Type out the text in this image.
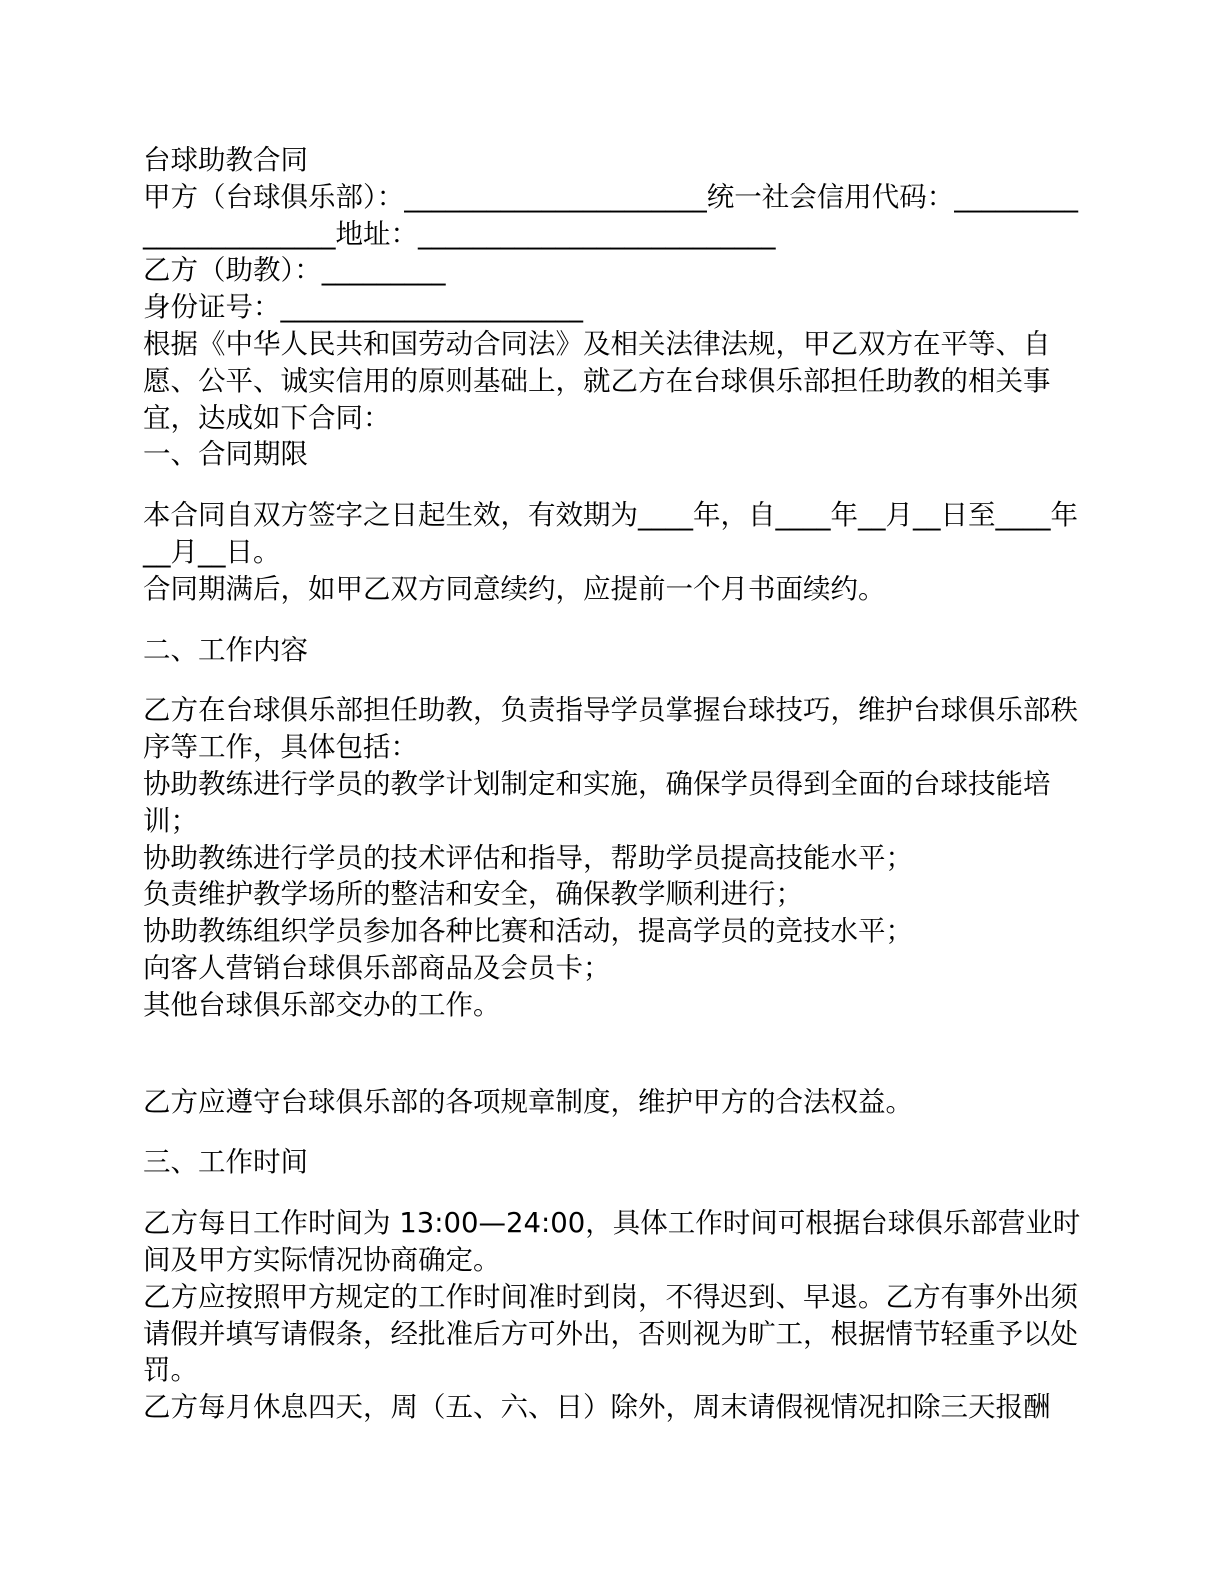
台球助教合同
甲方（台球俱乐部）：______________________统一社会信用代码：_________
______________地址：__________________________
乙方（助教）：_________
身份证号：______________________

根据《中华人民共和国劳动合同法》及相关法律法规，甲乙双方在平等、自愿、公平、诚实信用的原则基础上，就乙方在台球俱乐部担任助教的相关事宜，达成如下合同：

一、合同期限

本合同自双方签字之日起生效，有效期为____年，自____年__月__日至____年__月__日。

合同期满后，如甲乙双方同意续约，应提前一个月书面续约。

二、工作内容

乙方在台球俱乐部担任助教，负责指导学员掌握台球技巧，维护台球俱乐部秩序等工作，具体包括：

协助教练进行学员的教学计划制定和实施，确保学员得到全面的台球技能培训；

协助教练进行学员的技术评估和指导，帮助学员提高技能水平；

负责维护教学场所的整洁和安全，确保教学顺利进行；

协助教练组织学员参加各种比赛和活动，提高学员的竞技水平；

向客人营销台球俱乐部商品及会员卡；

其他台球俱乐部交办的工作。

乙方应遵守台球俱乐部的各项规章制度，维护甲方的合法权益。

三、工作时间

乙方每日工作时间为 13:00—24:00，具体工作时间可根据台球俱乐部营业时间及甲方实际情况协商确定。

乙方应按照甲方规定的工作时间准时到岗，不得迟到、早退。乙方有事外出须请假并填写请假条，经批准后方可外出，否则视为旷工，根据情节轻重予以处罚。

乙方每月休息四天，周（五、六、日）除外，周末请假视情况扣除三天报酬
